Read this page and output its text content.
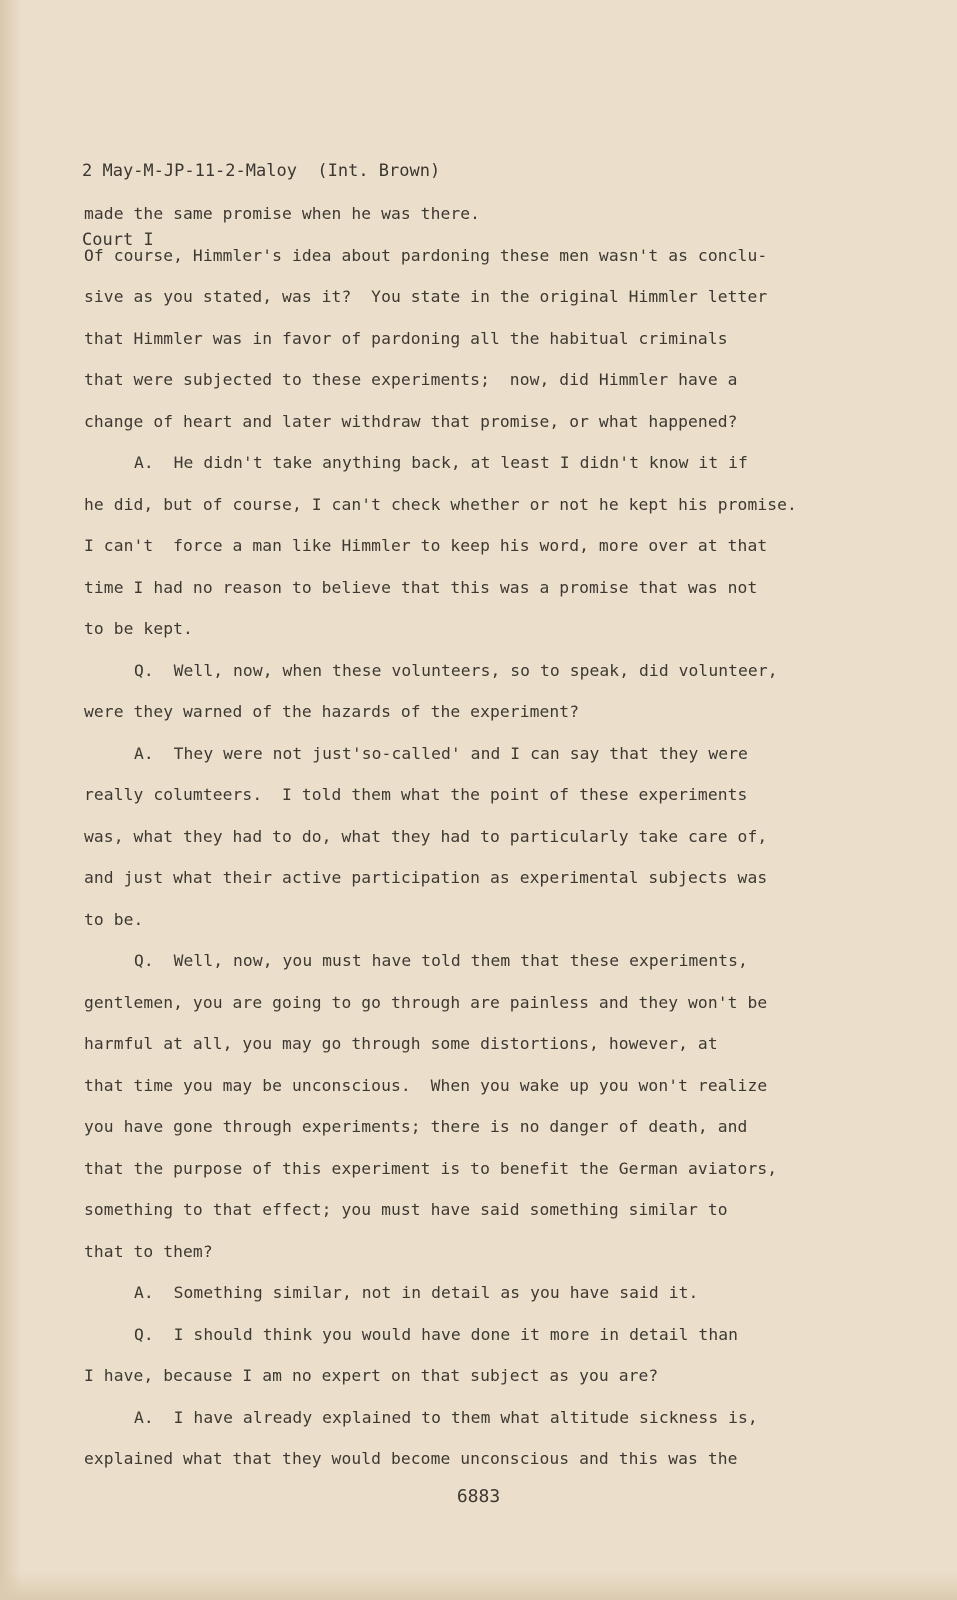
2 May-M-JP-11-2-Maloy  (Int. Brown)

Court I

made the same promise when he was there.
Of course, Himmler's idea about pardoning these men wasn't as conclu-
sive as you stated, was it?  You state in the original Himmler letter
that Himmler was in favor of pardoning all the habitual criminals
that were subjected to these experiments;  now, did Himmler have a
change of heart and later withdraw that promise, or what happened?
A.  He didn't take anything back, at least I didn't know it if
he did, but of course, I can't check whether or not he kept his promise.
I can't  force a man like Himmler to keep his word, more over at that
time I had no reason to believe that this was a promise that was not
to be kept.
Q.  Well, now, when these volunteers, so to speak, did volunteer,
were they warned of the hazards of the experiment?
A.  They were not just'so-called' and I can say that they were
really columteers.  I told them what the point of these experiments
was, what they had to do, what they had to particularly take care of,
and just what their active participation as experimental subjects was
to be.
Q.  Well, now, you must have told them that these experiments,
gentlemen, you are going to go through are painless and they won't be
harmful at all, you may go through some distortions, however, at
that time you may be unconscious.  When you wake up you won't realize
you have gone through experiments; there is no danger of death, and
that the purpose of this experiment is to benefit the German aviators,
something to that effect; you must have said something similar to
that to them?
A.  Something similar, not in detail as you have said it.
Q.  I should think you would have done it more in detail than
I have, because I am no expert on that subject as you are?
A.  I have already explained to them what altitude sickness is,
explained what that they would become unconscious and this was the
6883
